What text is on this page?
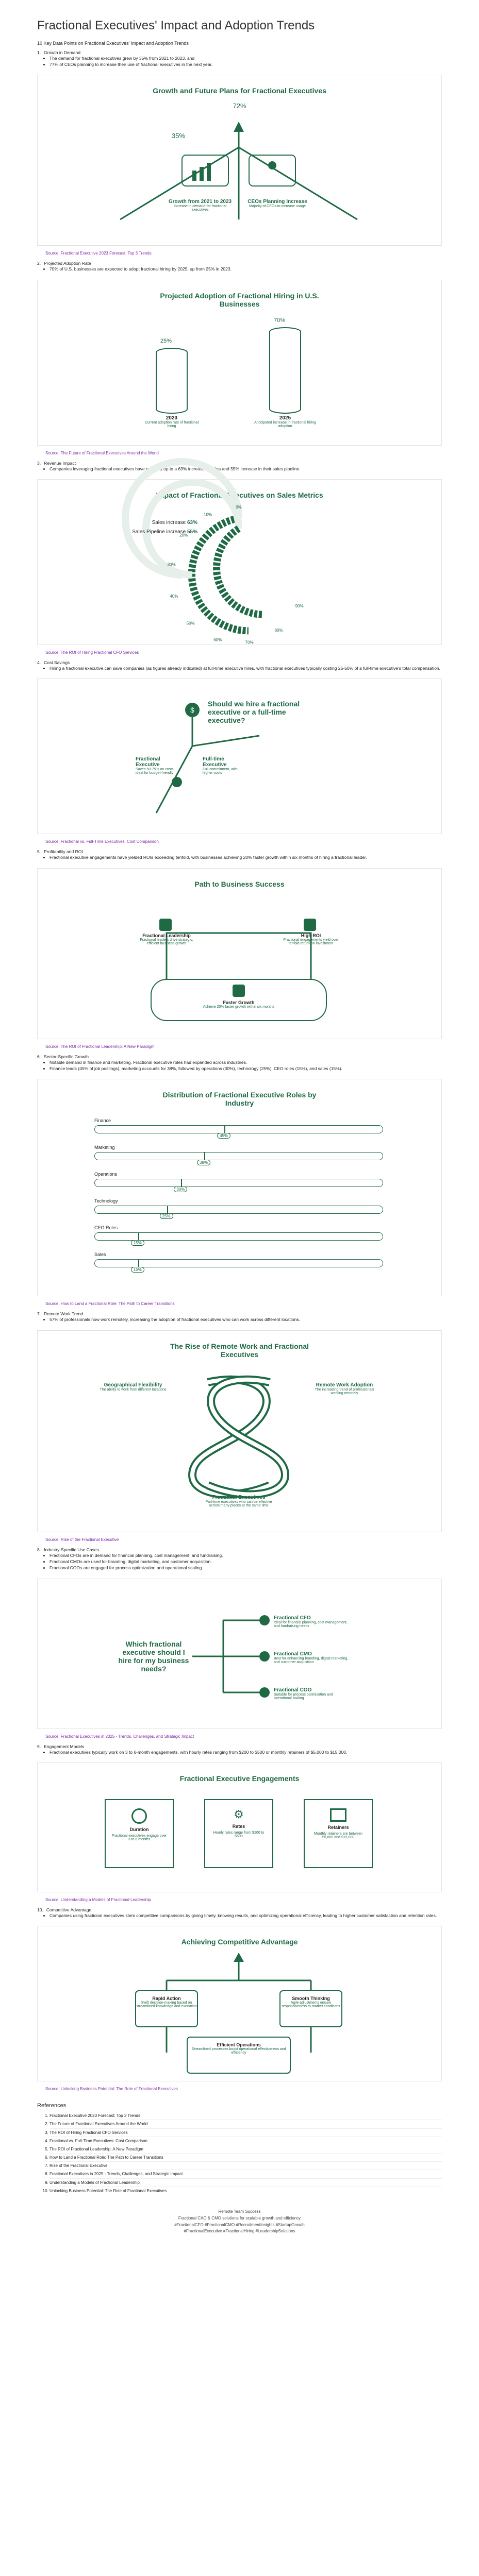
Fractional Executives' Impact and Adoption Trends
10 Key Data Points on Fractional Executives' Impact and Adoption Trends
1. Growth in Demand
• The demand for fractional executives grew by 35% from 2021 to 2023, and
• 77% of CEOs planning to increase their use of fractional executives in the next year.
Growth and Future Plans for Fractional Executives
72%
35%
Growth from 2021 to 2023
Increase in demand for fractional executives
CEOs Planning Increase
Majority of CEOs to increase usage
Source: Fractional Executive 2023 Forecast: Top 3 Trends
2. Projected Adoption Rate
• 70% of U.S. businesses are expected to adopt fractional hiring by 2025, up from 25% in 2023.
Projected Adoption of Fractional Hiring in U.S. Businesses
25%
70%
2023
Current adoption rate of fractional hiring
2025
Anticipated increase in fractional hiring adoption
Source: The Future of Fractional Executives Around the World
3. Revenue Impact
• Companies leveraging fractional executives have reported up to a 63% increase in sales and 55% increase in their sales pipeline.
Impact of Fractional Executives on Sales Metrics
0%
10%
20%
30%
40%
50%
60%
70%
80%
90%
Sales increase 63%
Sales Pipeline increase 55%
Source: The ROI of Hiring Fractional CFO Services
4. Cost Savings
• Hiring a fractional executive can save companies (as figures already indicated) at full-time executive hires, with fractional executives typically costing 25-50% of a full-time executive's total compensation.
$
Should we hire a fractional executive or a full-time executive?
Fractional Executive
Saves 50-75% on costs, ideal for budget-friendly
Full-time Executive
Full commitment, with higher costs
Source: Fractional vs. Full-Time Executives: Cost Comparison
5. Profitability and ROI
• Fractional executive engagements have yielded ROIs exceeding tenfold, with businesses achieving 20% faster growth within six months of hiring a fractional leader.
Path to Business Success
Fractional Leadership
Fractional leaders drive strategic, efficient business growth
High ROI
Fractional engagements yield over tenfold return on investment
Faster Growth
Achieve 20% faster growth within six months
Source: The ROI of Fractional Leadership: A New Paradigm
6. Sector-Specific Growth
• Notable demand in finance and marketing. Fractional executive roles had expanded across industries.
• Finance leads (45% of job postings), marketing accounts for 38%, followed by operations (30%), technology (25%), CEO roles (15%), and sales (15%).
Distribution of Fractional Executive Roles by Industry
Finance
45%
Marketing
38%
Operations
30%
Technology
25%
CEO Roles
15%
Sales
15%
Source: How to Land a Fractional Role: The Path to Career Transitions
7. Remote Work Trend
• 57% of professionals now work remotely, increasing the adoption of fractional executives who can work across different locations.
The Rise of Remote Work and Fractional Executives
Geographical Flexibility
The ability to work from different locations
Remote Work Adoption
The increasing trend of professionals working remotely
Fractional Executives
Part-time executives who can be effective across many places at the same time
Source: Rise of the Fractional Executive
8. Industry-Specific Use Cases
• Fractional CFOs are in demand for financial planning, cost management, and fundraising.
• Fractional CMOs are used for branding, digital marketing, and customer acquisition.
• Fractional COOs are engaged for process optimization and operational scaling.
Which fractional executive should I hire for my business needs?
Fractional CFO
Ideal for financial planning, cost management, and fundraising needs
Fractional CMO
Best for enhancing branding, digital marketing, and customer acquisition
Fractional COO
Suitable for process optimization and operational scaling
Source: Fractional Executives in 2025 - Trends, Challenges, and Strategic Impact
9. Engagement Models
• Fractional executives typically work on 3 to 6-month engagements, with hourly rates ranging from $200 to $500 or monthly retainers of $5,000 to $15,000.
Fractional Executive Engagements
Duration
Fractional executives engage over 3 to 6 months
⚙
Rates
Hourly rates range from $200 to $500
Retainers
Monthly retainers are between $5,000 and $15,000
Source: Understanding a Models of Fractional Leadership
10. Competitive Advantage
• Companies using fractional executives stem competitive comparisons by giving timely, knowing results, and optimizing operational efficiency, leading to higher customer satisfaction and retention rates.
Achieving Competitive Advantage
Rapid Action
Swift decision-making based on streamlined knowledge and execution
Smooth Thinking
Agile adjustments ensure responsiveness to market conditions
Efficient Operations
Streamlined processes boost operational effectiveness and efficiency
Source: Unlocking Business Potential: The Role of Fractional Executives
References
1. Fractional Executive 2023 Forecast: Top 3 Trends
2. The Future of Fractional Executives Around the World
3. The ROI of Hiring Fractional CFO Services
4. Fractional vs. Full-Time Executives: Cost Comparison
5. The ROI of Fractional Leadership: A New Paradigm
6. How to Land a Fractional Role: The Path to Career Transitions
7. Rise of the Fractional Executive
8. Fractional Executives in 2025 - Trends, Challenges, and Strategic Impact
9. Understanding a Models of Fractional Leadership
10. Unlocking Business Potential: The Role of Fractional Executives
Remote Team Success
Fractional CXO & CMO solutions for scalable growth and efficiency
#FractionalCFO #FractionalCMO #RecruitmentInsights #StartupGrowth
#FractionalExecutive #FractionalHiring #LeadershipSolutions
